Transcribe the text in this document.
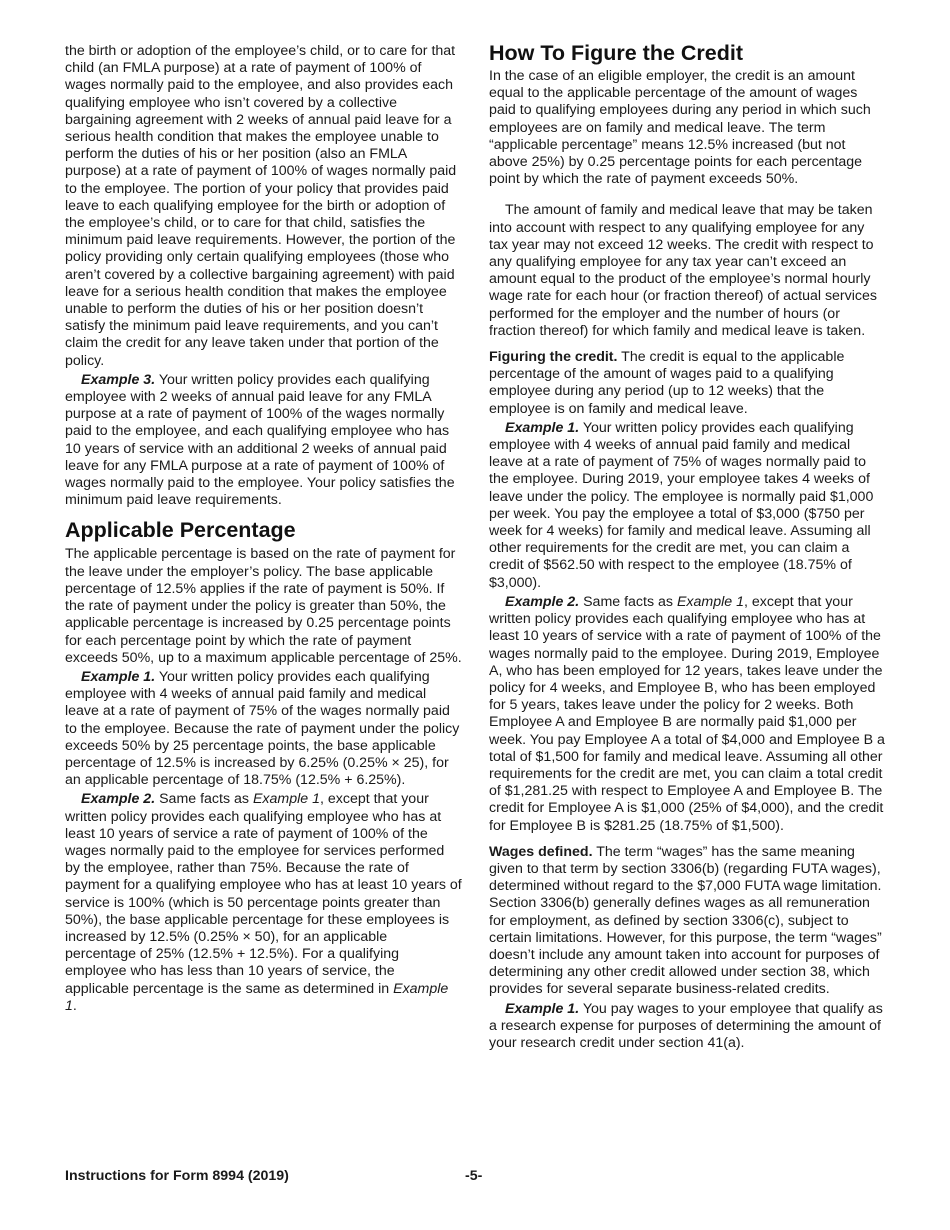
the birth or adoption of the employee’s child, or to care for that child (an FMLA purpose) at a rate of payment of 100% of wages normally paid to the employee, and also provides each qualifying employee who isn’t covered by a collective bargaining agreement with 2 weeks of annual paid leave for a serious health condition that makes the employee unable to perform the duties of his or her position (also an FMLA purpose) at a rate of payment of 100% of wages normally paid to the employee. The portion of your policy that provides paid leave to each qualifying employee for the birth or adoption of the employee’s child, or to care for that child, satisfies the minimum paid leave requirements. However, the portion of the policy providing only certain qualifying employees (those who aren’t covered by a collective bargaining agreement) with paid leave for a serious health condition that makes the employee unable to perform the duties of his or her position doesn’t satisfy the minimum paid leave requirements, and you can’t claim the credit for any leave taken under that portion of the policy.

Example 3. Your written policy provides each qualifying employee with 2 weeks of annual paid leave for any FMLA purpose at a rate of payment of 100% of the wages normally paid to the employee, and each qualifying employee who has 10 years of service with an additional 2 weeks of annual paid leave for any FMLA purpose at a rate of payment of 100% of wages normally paid to the employee. Your policy satisfies the minimum paid leave requirements.

Applicable Percentage

The applicable percentage is based on the rate of payment for the leave under the employer’s policy. The base applicable percentage of 12.5% applies if the rate of payment is 50%. If the rate of payment under the policy is greater than 50%, the applicable percentage is increased by 0.25 percentage points for each percentage point by which the rate of payment exceeds 50%, up to a maximum applicable percentage of 25%.

Example 1. Your written policy provides each qualifying employee with 4 weeks of annual paid family and medical leave at a rate of payment of 75% of the wages normally paid to the employee. Because the rate of payment under the policy exceeds 50% by 25 percentage points, the base applicable percentage of 12.5% is increased by 6.25% (0.25% × 25), for an applicable percentage of 18.75% (12.5% + 6.25%).

Example 2. Same facts as Example 1, except that your written policy provides each qualifying employee who has at least 10 years of service a rate of payment of 100% of the wages normally paid to the employee for services performed by the employee, rather than 75%. Because the rate of payment for a qualifying employee who has at least 10 years of service is 100% (which is 50 percentage points greater than 50%), the base applicable percentage for these employees is increased by 12.5% (0.25% × 50), for an applicable percentage of 25% (12.5% + 12.5%). For a qualifying employee who has less than 10 years of service, the applicable percentage is the same as determined in Example 1.

How To Figure the Credit

In the case of an eligible employer, the credit is an amount equal to the applicable percentage of the amount of wages paid to qualifying employees during any period in which such employees are on family and medical leave. The term “applicable percentage” means 12.5% increased (but not above 25%) by 0.25 percentage points for each percentage point by which the rate of payment exceeds 50%.

The amount of family and medical leave that may be taken into account with respect to any qualifying employee for any tax year may not exceed 12 weeks. The credit with respect to any qualifying employee for any tax year can’t exceed an amount equal to the product of the employee’s normal hourly wage rate for each hour (or fraction thereof) of actual services performed for the employer and the number of hours (or fraction thereof) for which family and medical leave is taken.

Figuring the credit. The credit is equal to the applicable percentage of the amount of wages paid to a qualifying employee during any period (up to 12 weeks) that the employee is on family and medical leave.

Example 1. Your written policy provides each qualifying employee with 4 weeks of annual paid family and medical leave at a rate of payment of 75% of wages normally paid to the employee. During 2019, your employee takes 4 weeks of leave under the policy. The employee is normally paid $1,000 per week. You pay the employee a total of $3,000 ($750 per week for 4 weeks) for family and medical leave. Assuming all other requirements for the credit are met, you can claim a credit of $562.50 with respect to the employee (18.75% of $3,000).

Example 2. Same facts as Example 1, except that your written policy provides each qualifying employee who has at least 10 years of service with a rate of payment of 100% of the wages normally paid to the employee. During 2019, Employee A, who has been employed for 12 years, takes leave under the policy for 4 weeks, and Employee B, who has been employed for 5 years, takes leave under the policy for 2 weeks. Both Employee A and Employee B are normally paid $1,000 per week. You pay Employee A a total of $4,000 and Employee B a total of $1,500 for family and medical leave. Assuming all other requirements for the credit are met, you can claim a total credit of $1,281.25 with respect to Employee A and Employee B. The credit for Employee A is $1,000 (25% of $4,000), and the credit for Employee B is $281.25 (18.75% of $1,500).

Wages defined. The term “wages” has the same meaning given to that term by section 3306(b) (regarding FUTA wages), determined without regard to the $7,000 FUTA wage limitation. Section 3306(b) generally defines wages as all remuneration for employment, as defined by section 3306(c), subject to certain limitations. However, for this purpose, the term “wages” doesn’t include any amount taken into account for purposes of determining any other credit allowed under section 38, which provides for several separate business-related credits.

Example 1. You pay wages to your employee that qualify as a research expense for purposes of determining the amount of your research credit under section 41(a).

Instructions for Form 8994 (2019)	-5-
